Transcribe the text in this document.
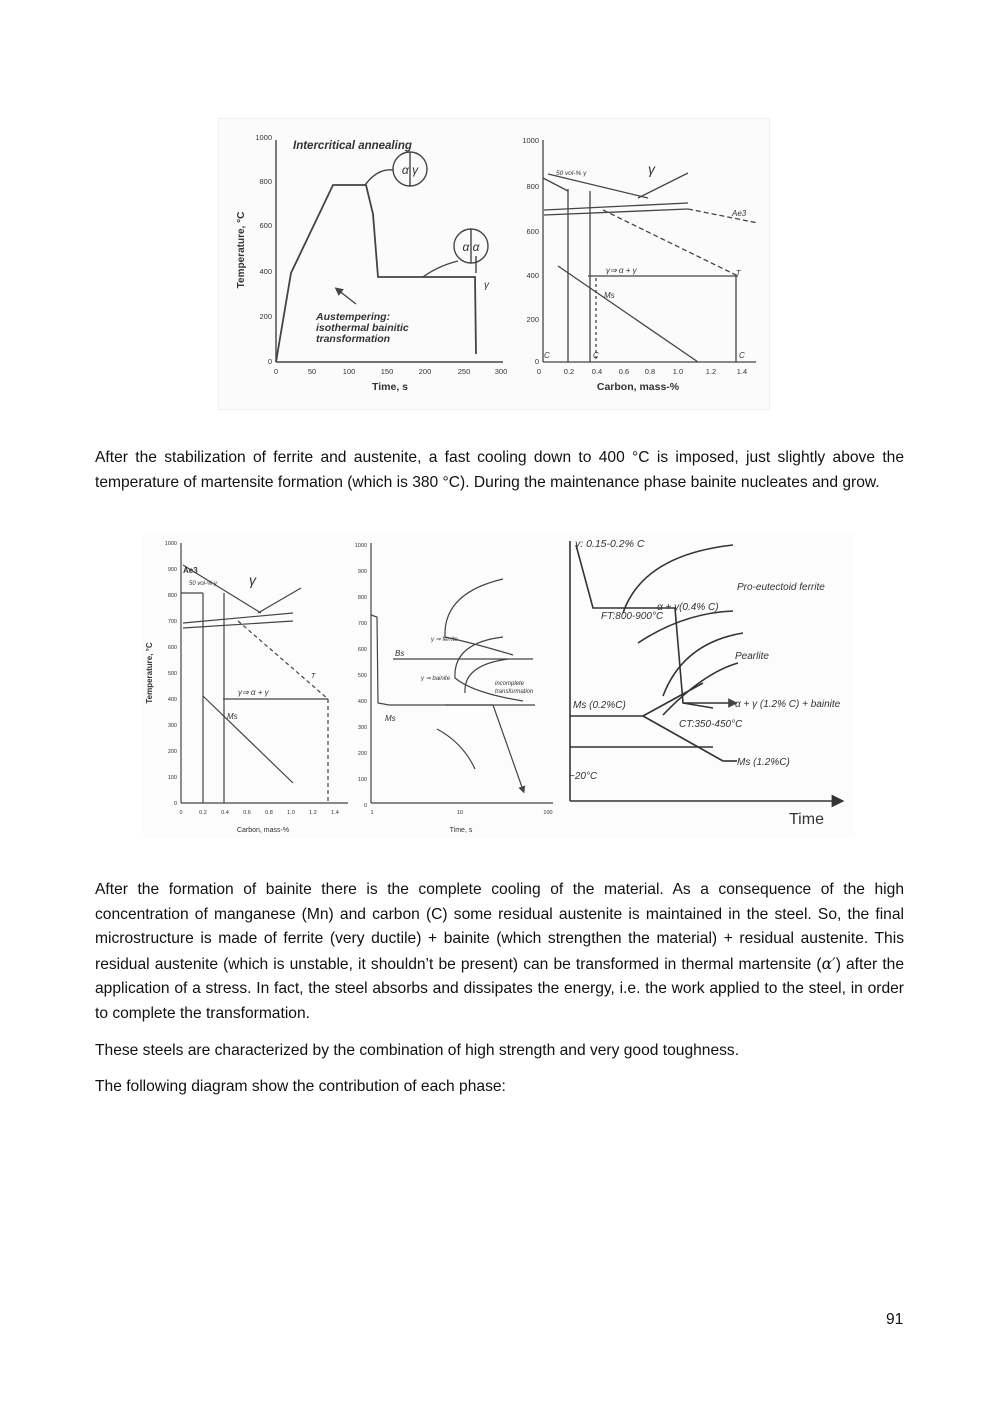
Intercritical annealing
1000
800
600
400
200
0
0	50	100	150	200	250	300
Temperature, °C
Time, s
Austempering:
isothermal bainitic
transformation
α γ
α α
γ
1000
800
600
400
200
0
0	0.2 0.4 0.6 0.8 1.0	1.2	1.4
Carbon, mass-%
50 vol-% γ	γ
Ae3
γ⇒ α + γ
Ms
T
C	C	C

After the stabilization of ferrite and austenite, a fast cooling down to 400 °C is imposed, just slightly above the temperature of martensite formation (which is 380 °C). During the maintenance phase bainite nucleates and grow.

1000
900
800
700
600
500
400
300
200
100
0
0	0.2	0.4	0.6	0.8	1.0	1.2	1.4
Temperature, °C
Carbon, mass-%
Ae3
50 vol-% γ γ
γ⇒ α + γ
Ms
T
1000
900
800
700
600
500
400
300
200
100
0
1	10	100
Time, s
Bs
Ms
γ ⇒ ferrite
γ ⇒ bainite
incomplete
transformation
γ: 0.15-0.2% C
Pro-eutectoid ferrite
FT:800-900°C
α + γ(0.4% C)
Pearlite
Ms (0.2%C)	α + γ (1.2% C) + bainite
CT:350-450°C
~20°C
Ms (1.2%C)
Time

After the formation of bainite there is the complete cooling of the material. As a consequence of the high concentration of manganese (Mn) and carbon (C) some residual austenite is maintained in the steel. So, the final microstructure is made of ferrite (very ductile) + bainite (which strengthen the material) + residual austenite. This residual austenite (which is unstable, it shouldn’t be present) can be transformed in thermal martensite (α′) after the application of a stress. In fact, the steel absorbs and dissipates the energy, i.e. the work applied to the steel, in order to complete the transformation.

These steels are characterized by the combination of high strength and very good toughness.

The following diagram show the contribution of each phase:

91
